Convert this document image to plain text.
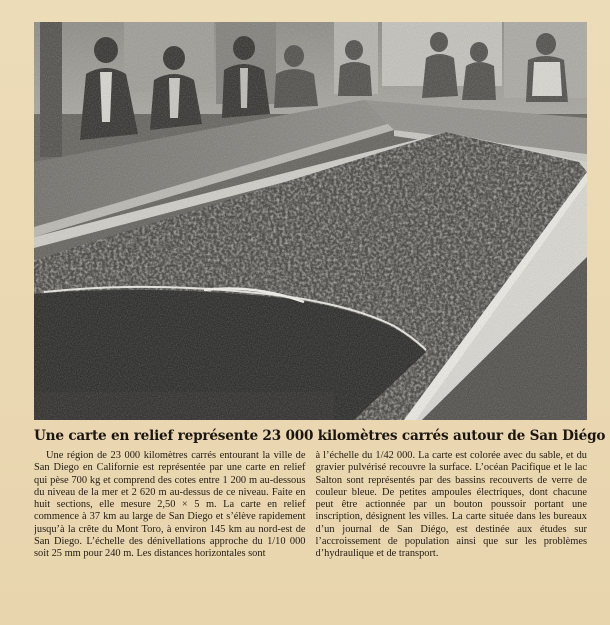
Une carte en relief représente 23 000 kilomètres carrés autour de San Diégo

Une région de 23 000 kilomètres carrés entourant la ville de San Diego en Californie est représentée par une carte en relief qui pèse 700 kg et comprend des cotes entre 1 200 m au-dessous du niveau de la mer et 2 620 m au-dessus de ce niveau. Faite en huit sections, elle mesure 2,50 × 5 m. La carte en relief commence à 37 km au large de San Diego et s’élève rapidement jusqu’à la crête du Mont Toro, à environ 145 km au nord-est de San Diego. L’échelle des dénivellations approche du 1/10 000 soit 25 mm pour 240 m. Les distances horizontales sont

à l’échelle du 1/42 000. La carte est colorée avec du sable, et du gravier pulvérisé recouvre la surface. L’océan Pacifique et le lac Salton sont représentés par des bassins recouverts de verre de couleur bleue. De petites ampoules électriques, dont chacune peut être actionnée par un bouton poussoir portant une inscription, désignent les villes. La carte située dans les bureaux d’un journal de San Diégo, est destinée aux études sur l’accroissement de population ainsi que sur les problèmes d’hydraulique et de transport.
